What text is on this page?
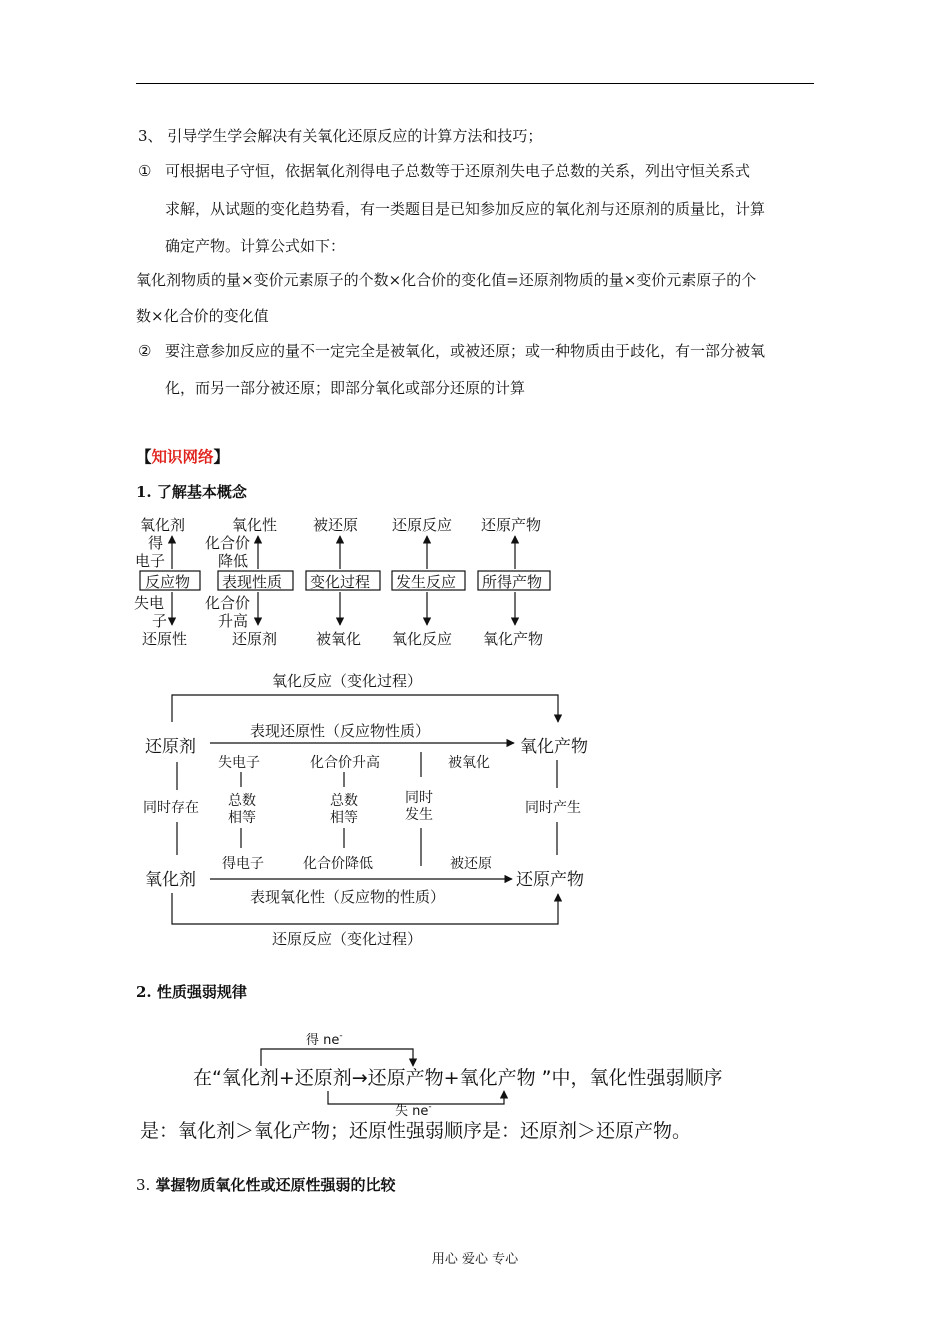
3、 引导学生学会解决有关氧化还原反应的计算方法和技巧；
① 可根据电子守恒，依据氧化剂得电子总数等于还原剂失电子总数的关系，列出守恒关系式
求解，从试题的变化趋势看，有一类题目是已知参加反应的氧化剂与还原剂的质量比，计算
确定产物。计算公式如下：
氧化剂物质的量×变价元素原子的个数×化合价的变化值=还原剂物质的量×变价元素原子的个
数×化合价的变化值
② 要注意参加反应的量不一定完全是被氧化，或被还原；或一种物质由于歧化，有一部分被氧
化，而另一部分被还原；即部分氧化或部分还原的计算
【知识网络】
1. 了解基本概念
氧化剂
得
电子
反应物
失电
子
还原性
氧化性
化合价
降低
表现性质
化合价
升高
还原剂
被还原
变化过程
被氧化
还原反应
发生反应
氧化反应
还原产物
所得产物
氧化产物
氧化反应（变化过程）
还原剂	氧化产物
表现还原性（反应物性质）
失电子	化合价升高	被氧化
同时存在 总数
相等
总数
相等
同时
发生	同时产生
得电子	化合价降低	被还原
氧化剂	还原产物
表现氧化性（反应物的性质）
还原反应（变化过程）
得 ne-
在“氧化剂+还原剂→还原产物+氧化产物 ”中，氧化性强弱顺序
失 ne-
是：氧化剂＞氧化产物；还原性强弱顺序是：还原剂＞还原产物。
2. 性质强弱规律
3. 掌握物质氧化性或还原性强弱的比较
用心 爱心 专心
